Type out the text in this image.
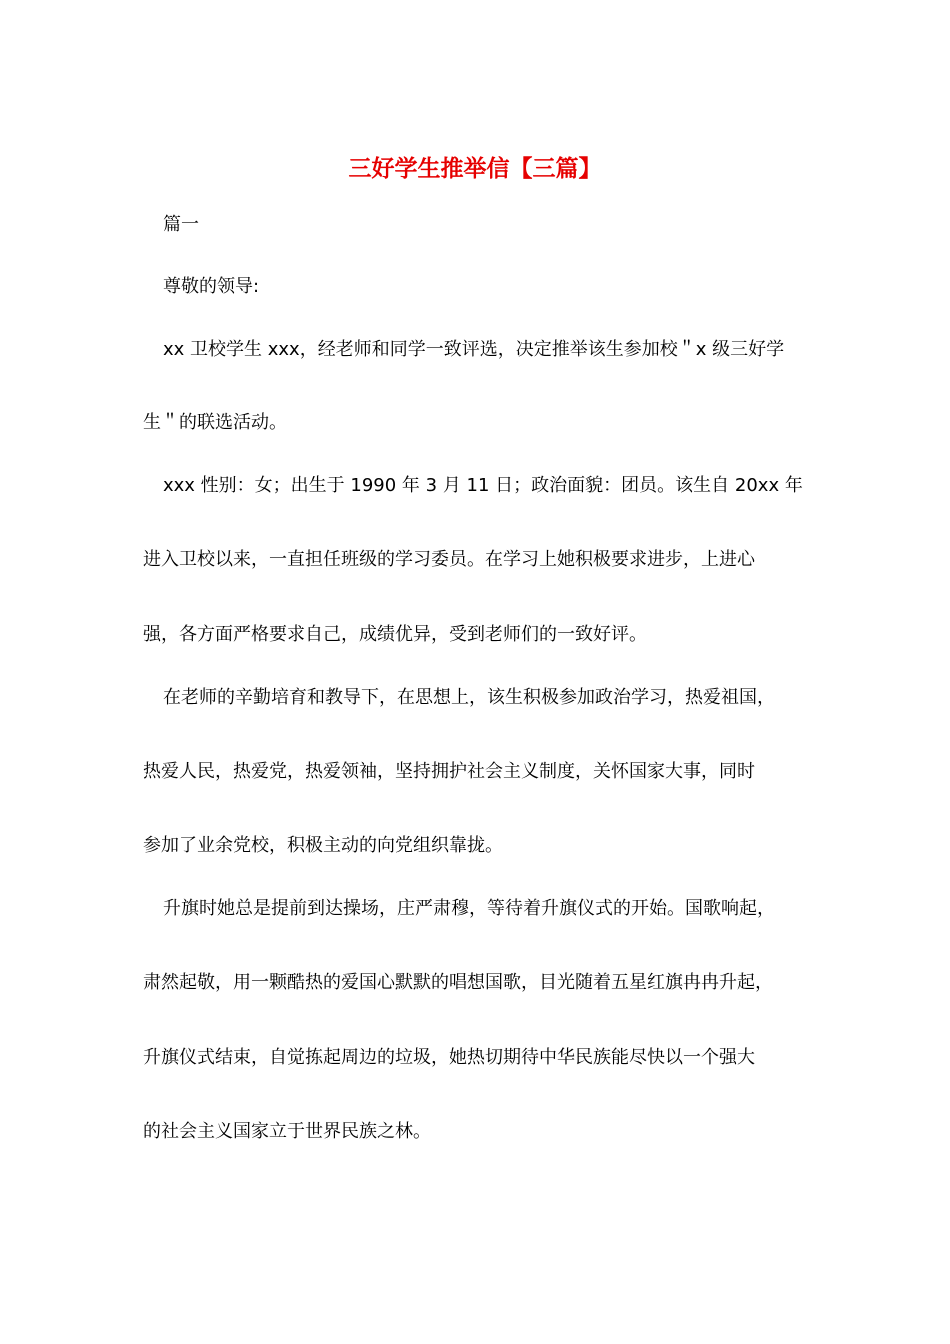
三好学生推举信【三篇】
篇一
尊敬的领导:
xx 卫校学生 xxx，经老师和同学一致评选，决定推举该生参加校＂x 级三好学
生＂的联选活动。
xxx 性别：女；出生于 1990 年 3 月 11 日；政治面貌：团员。该生自 20xx 年
进入卫校以来，一直担任班级的学习委员。在学习上她积极要求进步，上进心
强，各方面严格要求自己，成绩优异，受到老师们的一致好评。
在老师的辛勤培育和教导下，在思想上，该生积极参加政治学习，热爱祖国，
热爱人民，热爱党，热爱领袖，坚持拥护社会主义制度，关怀国家大事，同时
参加了业余党校，积极主动的向党组织靠拢。
升旗时她总是提前到达操场，庄严肃穆，等待着升旗仪式的开始。国歌响起，
肃然起敬，用一颗酷热的爱国心默默的唱想国歌，目光随着五星红旗冉冉升起，
升旗仪式结束，自觉拣起周边的垃圾，她热切期待中华民族能尽快以一个强大
的社会主义国家立于世界民族之林。
